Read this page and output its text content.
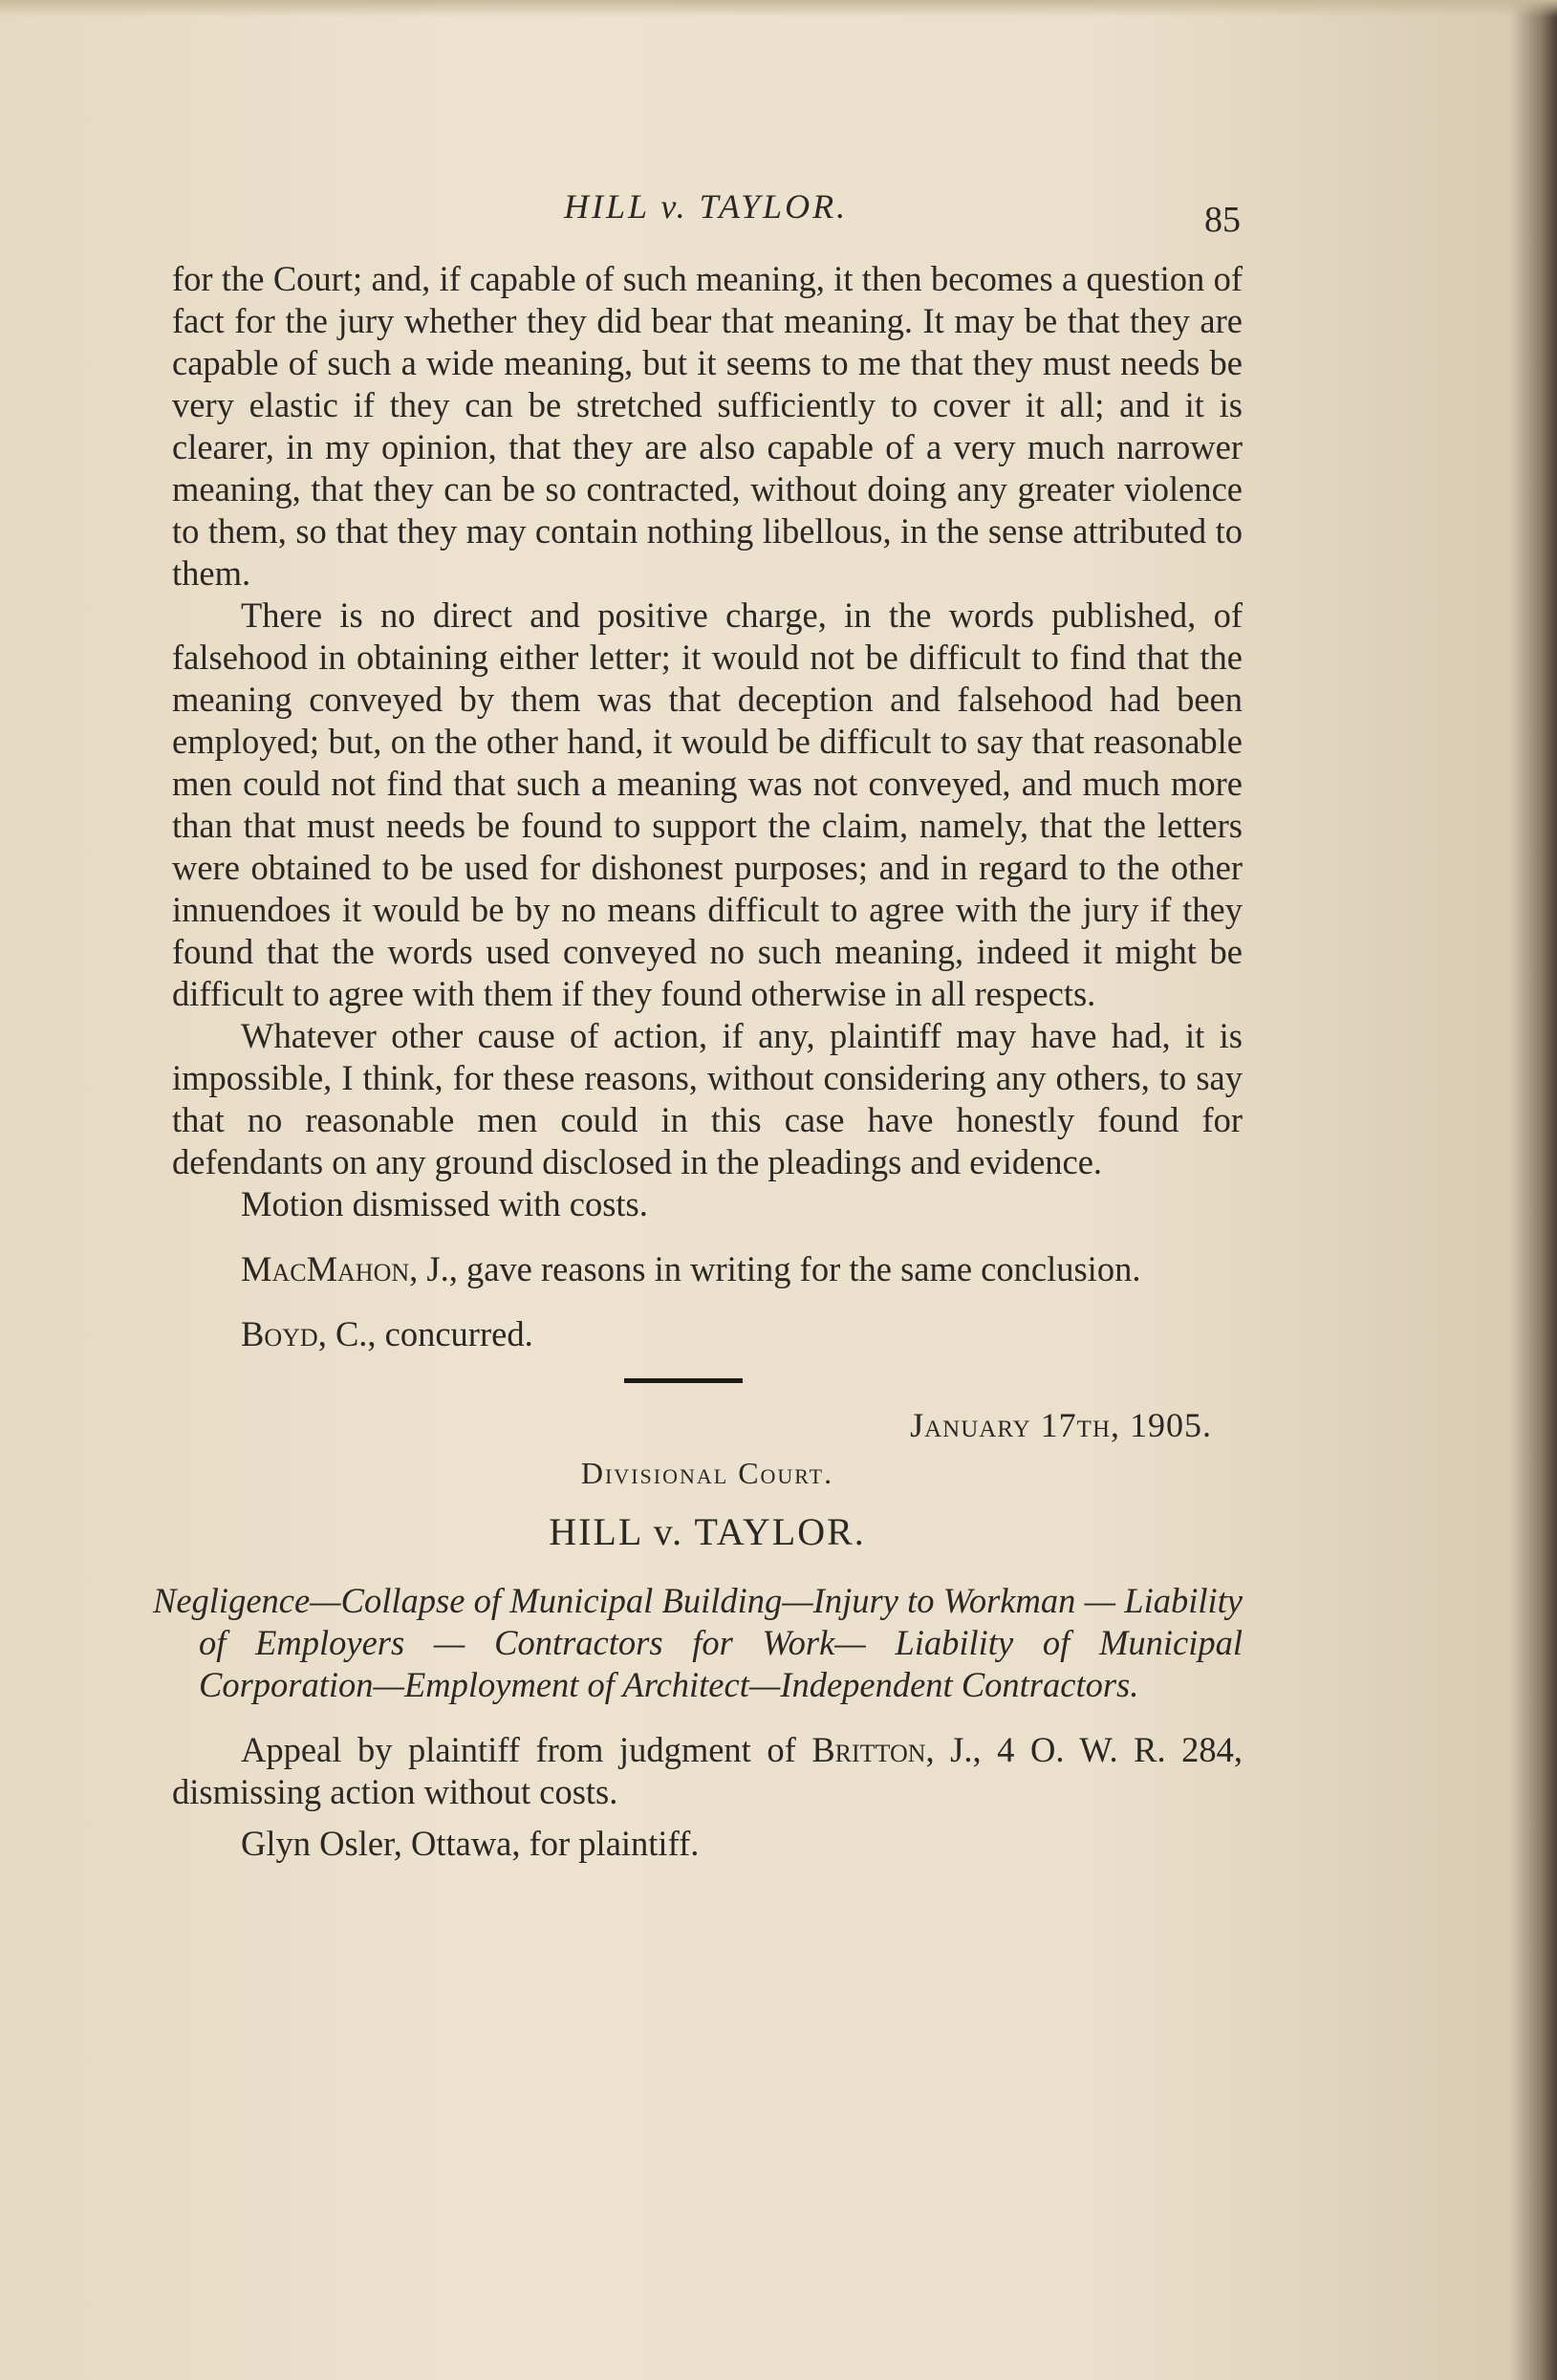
HILL v. TAYLOR.	85

for the Court; and, if capable of such meaning, it then becomes a question of fact for the jury whether they did bear that meaning. It may be that they are capable of such a wide meaning, but it seems to me that they must needs be very elastic if they can be stretched sufficiently to cover it all; and it is clearer, in my opinion, that they are also capable of a very much narrower meaning, that they can be so contracted, without doing any greater violence to them, so that they may contain nothing libellous, in the sense attributed to them.

There is no direct and positive charge, in the words published, of falsehood in obtaining either letter; it would not be difficult to find that the meaning conveyed by them was that deception and falsehood had been employed; but, on the other hand, it would be difficult to say that reasonable men could not find that such a meaning was not conveyed, and much more than that must needs be found to support the claim, namely, that the letters were obtained to be used for dishonest purposes; and in regard to the other innuendoes it would be by no means difficult to agree with the jury if they found that the words used conveyed no such meaning, indeed it might be difficult to agree with them if they found otherwise in all respects.

Whatever other cause of action, if any, plaintiff may have had, it is impossible, I think, for these reasons, without considering any others, to say that no reasonable men could in this case have honestly found for defendants on any ground disclosed in the pleadings and evidence.

Motion dismissed with costs.

MacMahon, J., gave reasons in writing for the same conclusion.

Boyd, C., concurred.

January 17th, 1905.
Divisional Court.
HILL v. TAYLOR.

Negligence—Collapse of Municipal Building—Injury to Workman — Liability of Employers — Contractors for Work— Liability of Municipal Corporation—Employment of Architect—Independent Contractors.

Appeal by plaintiff from judgment of Britton, J., 4 O. W. R. 284, dismissing action without costs.

Glyn Osler, Ottawa, for plaintiff.
